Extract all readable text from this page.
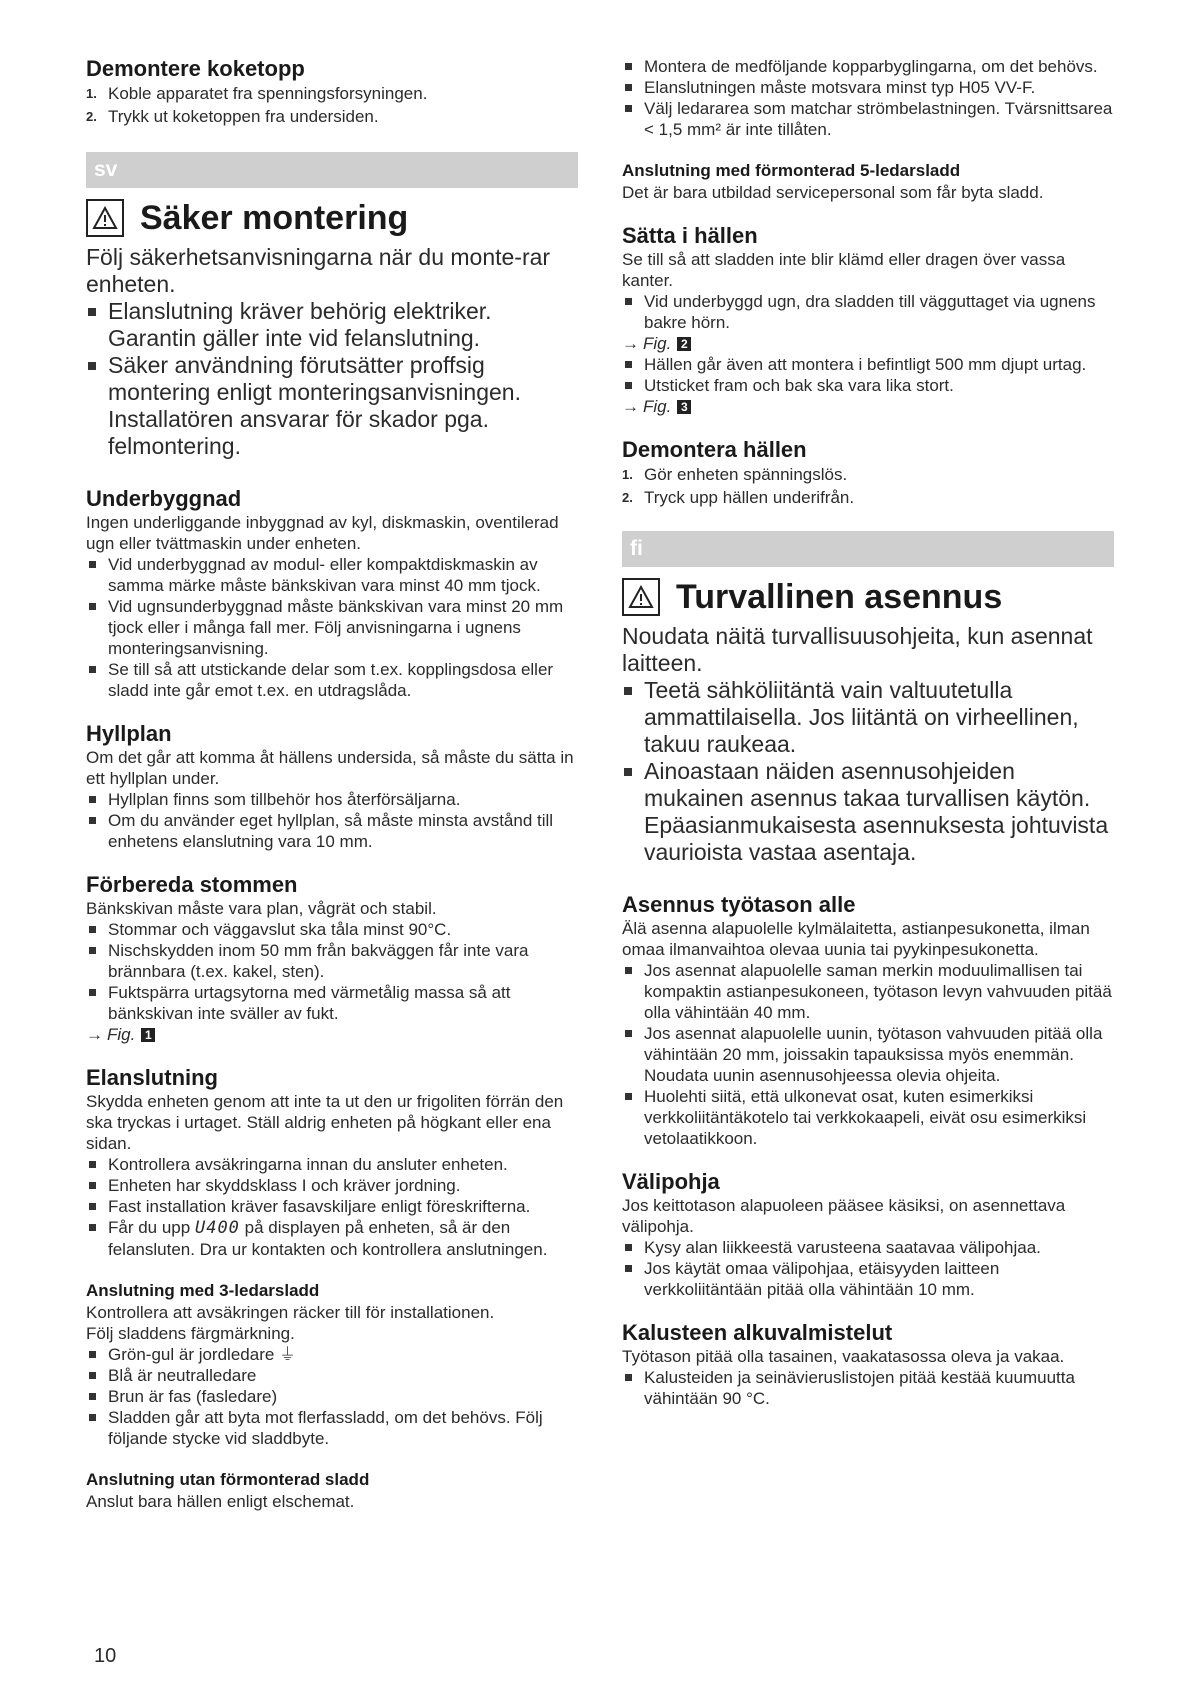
Demontere koketopp
1. Koble apparatet fra spenningsforsyningen.
2. Trykk ut koketoppen fra undersiden.
sv
Säker montering

Följ säkerhetsanvisningarna när du monte-rar enheten.

Elanslutning kräver behörig elektriker. Garantin gäller inte vid felanslutning.
Säker användning förutsätter proffsig montering enligt monteringsanvisningen. Installatören ansvarar för skador pga. felmontering.
Underbyggnad

Ingen underliggande inbyggnad av kyl, diskmaskin, oventilerad ugn eller tvättmaskin under enheten.

Vid underbyggnad av modul- eller kompaktdiskmaskin av samma märke måste bänkskivan vara minst 40 mm tjock.
Vid ugnsunderbyggnad måste bänkskivan vara minst 20 mm tjock eller i många fall mer. Följ anvisningarna i ugnens monteringsanvisning.
Se till så att utstickande delar som t.ex. kopplingsdosa eller sladd inte går emot t.ex. en utdragslåda.
Hyllplan

Om det går att komma åt hällens undersida, så måste du sätta in ett hyllplan under.

Hyllplan finns som tillbehör hos återförsäljarna.
Om du använder eget hyllplan, så måste minsta avstånd till enhetens elanslutning vara 10 mm.
Förbereda stommen

Bänkskivan måste vara plan, vågrät och stabil.

Stommar och väggavslut ska tåla minst 90°C.
Nischskydden inom 50 mm från bakväggen får inte vara brännbara (t.ex. kakel, sten).
Fuktspärra urtagsytorna med värmetålig massa så att bänkskivan inte sväller av fukt.
→ Fig. 1
Elanslutning

Skydda enheten genom att inte ta ut den ur frigoliten förrän den ska tryckas i urtaget. Ställ aldrig enheten på högkant eller ena sidan.

Kontrollera avsäkringarna innan du ansluter enheten.
Enheten har skyddsklass I och kräver jordning.
Fast installation kräver fasavskiljare enligt föreskrifterna.
Får du upp U400 på displayen på enheten, så är den felansluten. Dra ur kontakten och kontrollera anslutningen.
Anslutning med 3-ledarsladd

Kontrollera att avsäkringen räcker till för installationen.

Följ sladdens färgmärkning.

Grön-gul är jordledare ⏚
Blå är neutralledare
Brun är fas (fasledare)
Sladden går att byta mot flerfassladd, om det behövs. Följ följande stycke vid sladdbyte.
Anslutning utan förmonterad sladd

Anslut bara hällen enligt elschemat.

Montera de medföljande kopparbyglingarna, om det behövs.
Elanslutningen måste motsvara minst typ H05 VV-F.
Välj ledararea som matchar strömbelastningen. Tvärsnittsarea < 1,5 mm² är inte tillåten.
Anslutning med förmonterad 5-ledarsladd

Det är bara utbildad servicepersonal som får byta sladd.

Sätta i hällen

Se till så att sladden inte blir klämd eller dragen över vassa kanter.

Vid underbyggd ugn, dra sladden till vägguttaget via ugnens bakre hörn.
→ Fig. 2
Hällen går även att montera i befintligt 500 mm djupt urtag.
Utsticket fram och bak ska vara lika stort.
→ Fig. 3
Demontera hällen
1. Gör enheten spänningslös.
2. Tryck upp hällen underifrån.
fi
Turvallinen asennus

Noudata näitä turvallisuusohjeita, kun asennat laitteen.

Teetä sähköliitäntä vain valtuutetulla ammattilaisella. Jos liitäntä on virheellinen, takuu raukeaa.
Ainoastaan näiden asennusohjeiden mukainen asennus takaa turvallisen käytön. Epäasianmukaisesta asennuksesta johtuvista vaurioista vastaa asentaja.
Asennus työtason alle

Älä asenna alapuolelle kylmälaitetta, astianpesukonetta, ilman omaa ilmanvaihtoa olevaa uunia tai pyykinpesukonetta.

Jos asennat alapuolelle saman merkin moduulimallisen tai kompaktin astianpesukoneen, työtason levyn vahvuuden pitää olla vähintään 40 mm.
Jos asennat alapuolelle uunin, työtason vahvuuden pitää olla vähintään 20 mm, joissakin tapauksissa myös enemmän. Noudata uunin asennusohjeessa olevia ohjeita.
Huolehti siitä, että ulkonevat osat, kuten esimerkiksi verkkoliitäntäkotelo tai verkkokaapeli, eivät osu esimerkiksi vetolaatikkoon.
Välipohja

Jos keittotason alapuoleen pääsee käsiksi, on asennettava välipohja.

Kysy alan liikkeestä varusteena saatavaa välipohjaa.
Jos käytät omaa välipohjaa, etäisyyden laitteen verkkoliitäntään pitää olla vähintään 10 mm.
Kalusteen alkuvalmistelut

Työtason pitää olla tasainen, vaakatasossa oleva ja vakaa.

Kalusteiden ja seinävieruslistojen pitää kestää kuumuutta vähintään 90 °C.
10
